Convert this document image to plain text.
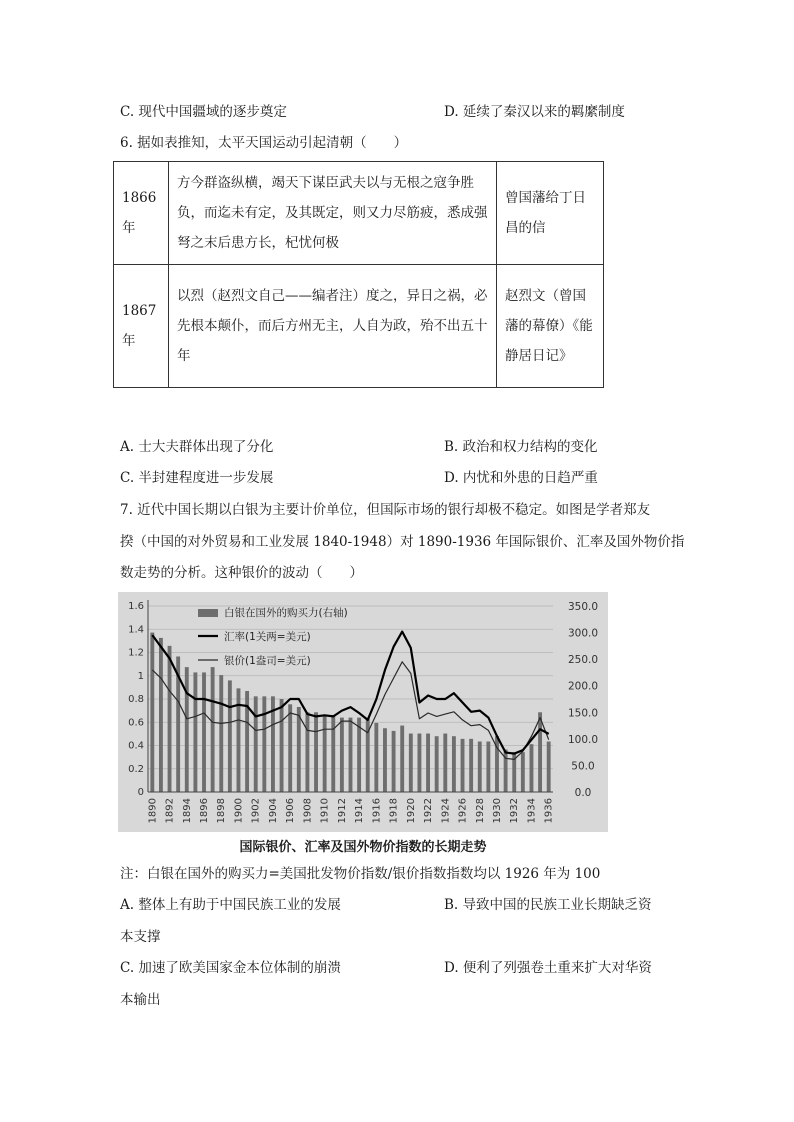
C. 现代中国疆域的逐步奠定	D. 延续了秦汉以来的羁縻制度
6. 据如表推知，太平天国运动引起清朝（　　）
1866年	方今群盗纵横，竭天下谋臣武夫以与无根之寇争胜负，而迄未有定，及其既定，则又力尽筋疲，悉成强弩之末后患方长，杞忧何极	曾国藩给丁日昌的信
1867年	以烈（赵烈文自己——编者注）度之，异日之祸，必先根本颠仆，而后方州无主，人自为政，殆不出五十年	赵烈文（曾国藩的幕僚）《能静居日记》
A. 士大夫群体出现了分化	B. 政治和权力结构的变化
C. 半封建程度进一步发展	D. 内忧和外患的日趋严重
7. 近代中国长期以白银为主要计价单位，但国际市场的银行却极不稳定。如图是学者郑友
揆（中国的对外贸易和工业发展 1840-1948）对 1890-1936 年国际银价、汇率及国外物价指
数走势的分析。这种银价的波动（　　）
0
0.2
0.4
0.6
0.8
1
1.2
1.4
1.6
0.0
50.0
100.0
150.0
200.0
250.0
300.0
350.0
1890 1892 1894 1896 1898 1900 1902 1904 1906 1908 1910 1912 1914 1916 1918 1920 1922 1924 1926 1928 1930 1932 1934 1936
白银在国外的购买力(右轴)
汇率(1关两=美元)
银价(1盎司=美元)
国际银价、汇率及国外物价指数的长期走势
注：白银在国外的购买力=美国批发物价指数/银价指数指数均以 1926 年为 100
A. 整体上有助于中国民族工业的发展	B. 导致中国的民族工业长期缺乏资
本支撑
C. 加速了欧美国家金本位体制的崩溃	D. 便利了列强卷土重来扩大对华资
本输出
